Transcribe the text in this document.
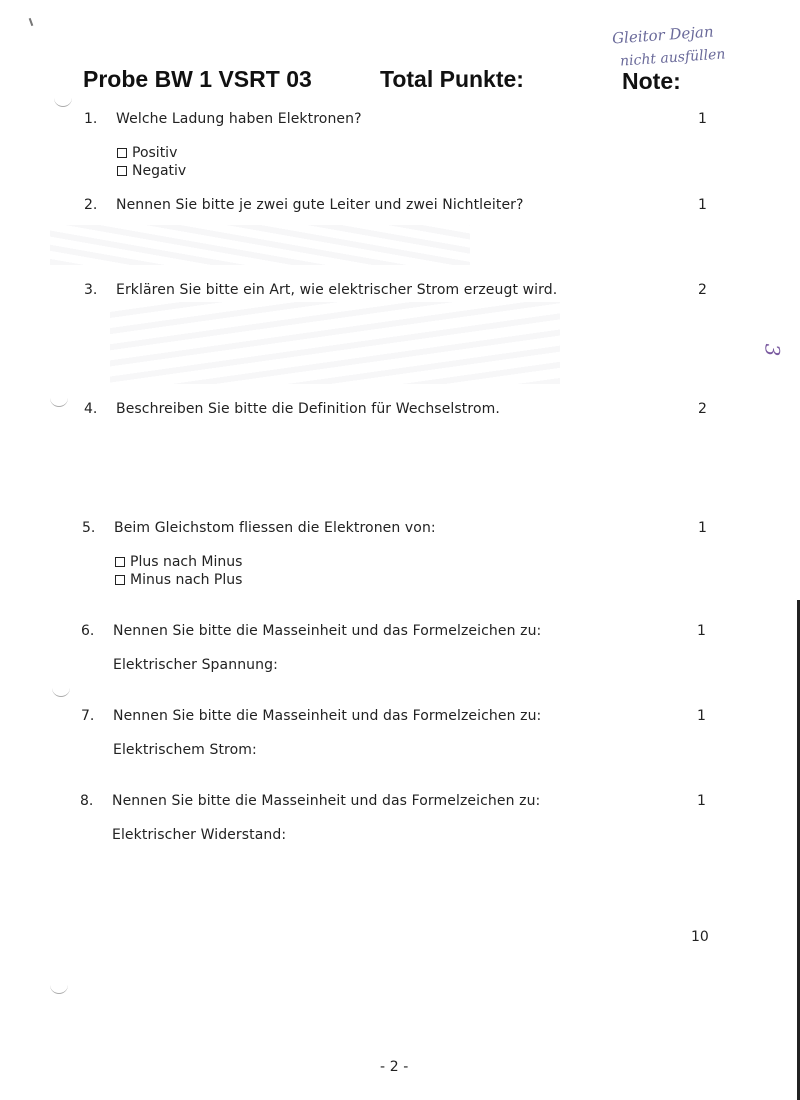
Probe BW 1 VSRT 03	Total Punkte:	Note:
Gleitor Dejan
nicht ausfüllen
1. Welche Ladung haben Elektronen?	1
Positiv
Negativ
2. Nennen Sie bitte je zwei gute Leiter und zwei Nichtleiter?	1
3. Erklären Sie bitte ein Art, wie elektrischer Strom erzeugt wird.	2
4. Beschreiben Sie bitte die Definition für Wechselstrom.	2
5. Beim Gleichstom fliessen die Elektronen von:	1
Plus nach Minus
Minus nach Plus
6. Nennen Sie bitte die Masseinheit und das Formelzeichen zu:	1
Elektrischer Spannung:
7. Nennen Sie bitte die Masseinheit und das Formelzeichen zu:	1
Elektrischem Strom:
8. Nennen Sie bitte die Masseinheit und das Formelzeichen zu:	1
Elektrischer Widerstand:
10
3
- 2 -
